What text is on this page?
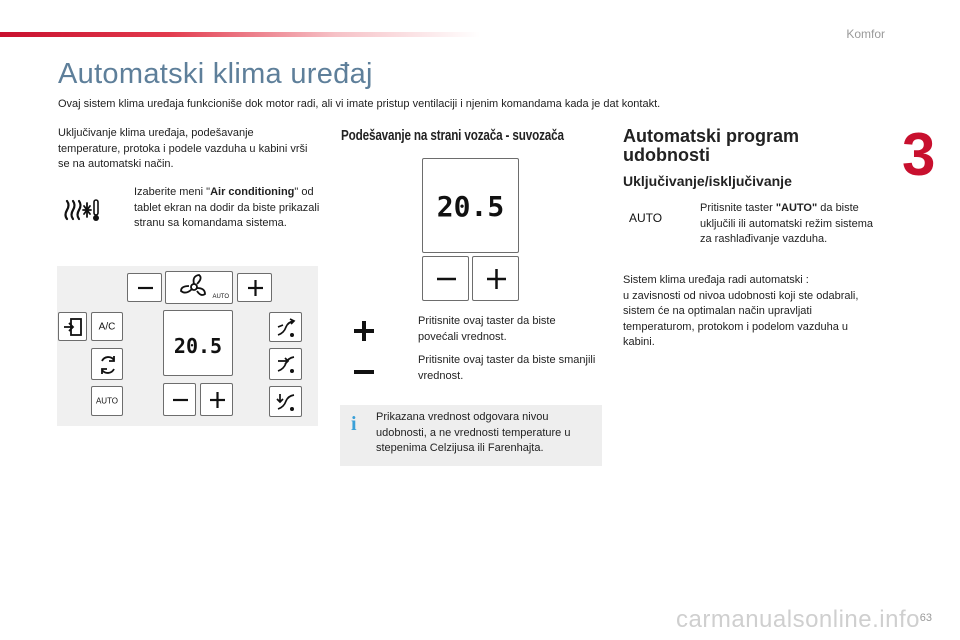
Komfor
3
Automatski klima uređaj
Ovaj sistem klima uređaja funkcioniše dok motor radi, ali vi imate pristup ventilaciji i njenim komandama kada je dat kontakt.
Uključivanje klima uređaja, podešavanje temperature, protoka i podele vazduha u kabini vrši se na automatski način.
Izaberite meni "Air conditioning" od tablet ekran na dodir da biste prikazali stranu sa komandama sistema.
AUTO
A/C
AUTO
20.5
Podešavanje na strani vozača - suvozača
20.5
Pritisnite ovaj taster da biste povećali vrednost.
Pritisnite ovaj taster da biste smanjili vrednost.
i Prikazana vrednost odgovara nivou udobnosti, a ne vrednosti temperature u stepenima Celzijusa ili Farenhajta.
Automatski program udobnosti
Uključivanje/isključivanje
AUTO
Pritisnite taster "AUTO" da biste uključili ili automatski režim sistema za rashlađivanje vazduha.
Sistem klima uređaja radi automatski :
u zavisnosti od nivoa udobnosti koji ste odabrali, sistem će na optimalan način upravljati temperaturom, protokom i podelom vazduha u kabini.
carmanualsonline.info 63
